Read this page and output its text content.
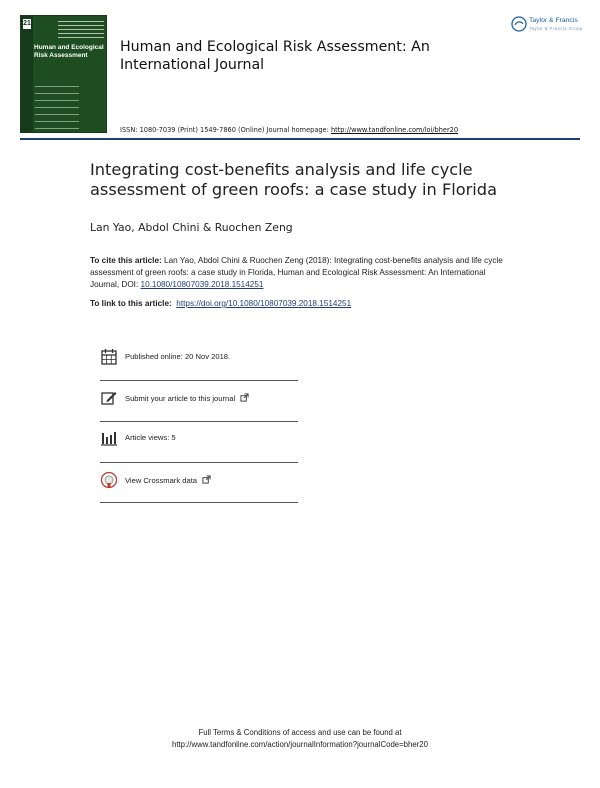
21
Human and Ecological Risk Assessment	Human and Ecological Risk Assessment: An International Journal
ISSN: 1080-7039 (Print) 1549-7860 (Online) Journal homepage: http://www.tandfonline.com/loi/bher20
Taylor & Francis
Taylor & Francis Group
Integrating cost-benefits analysis and life cycle assessment of green roofs: a case study in Florida
Lan Yao, Abdol Chini & Ruochen Zeng
To cite this article: Lan Yao, Abdol Chini & Ruochen Zeng (2018): Integrating cost-benefits analysis and life cycle assessment of green roofs: a case study in Florida, Human and Ecological Risk Assessment: An International Journal, DOI: 10.1080/10807039.2018.1514251
To link to this article: https://doi.org/10.1080/10807039.2018.1514251
Published online: 20 Nov 2018.
Submit your article to this journal
Article views: 5
View Crossmark data
Full Terms & Conditions of access and use can be found at
http://www.tandfonline.com/action/journalInformation?journalCode=bher20
